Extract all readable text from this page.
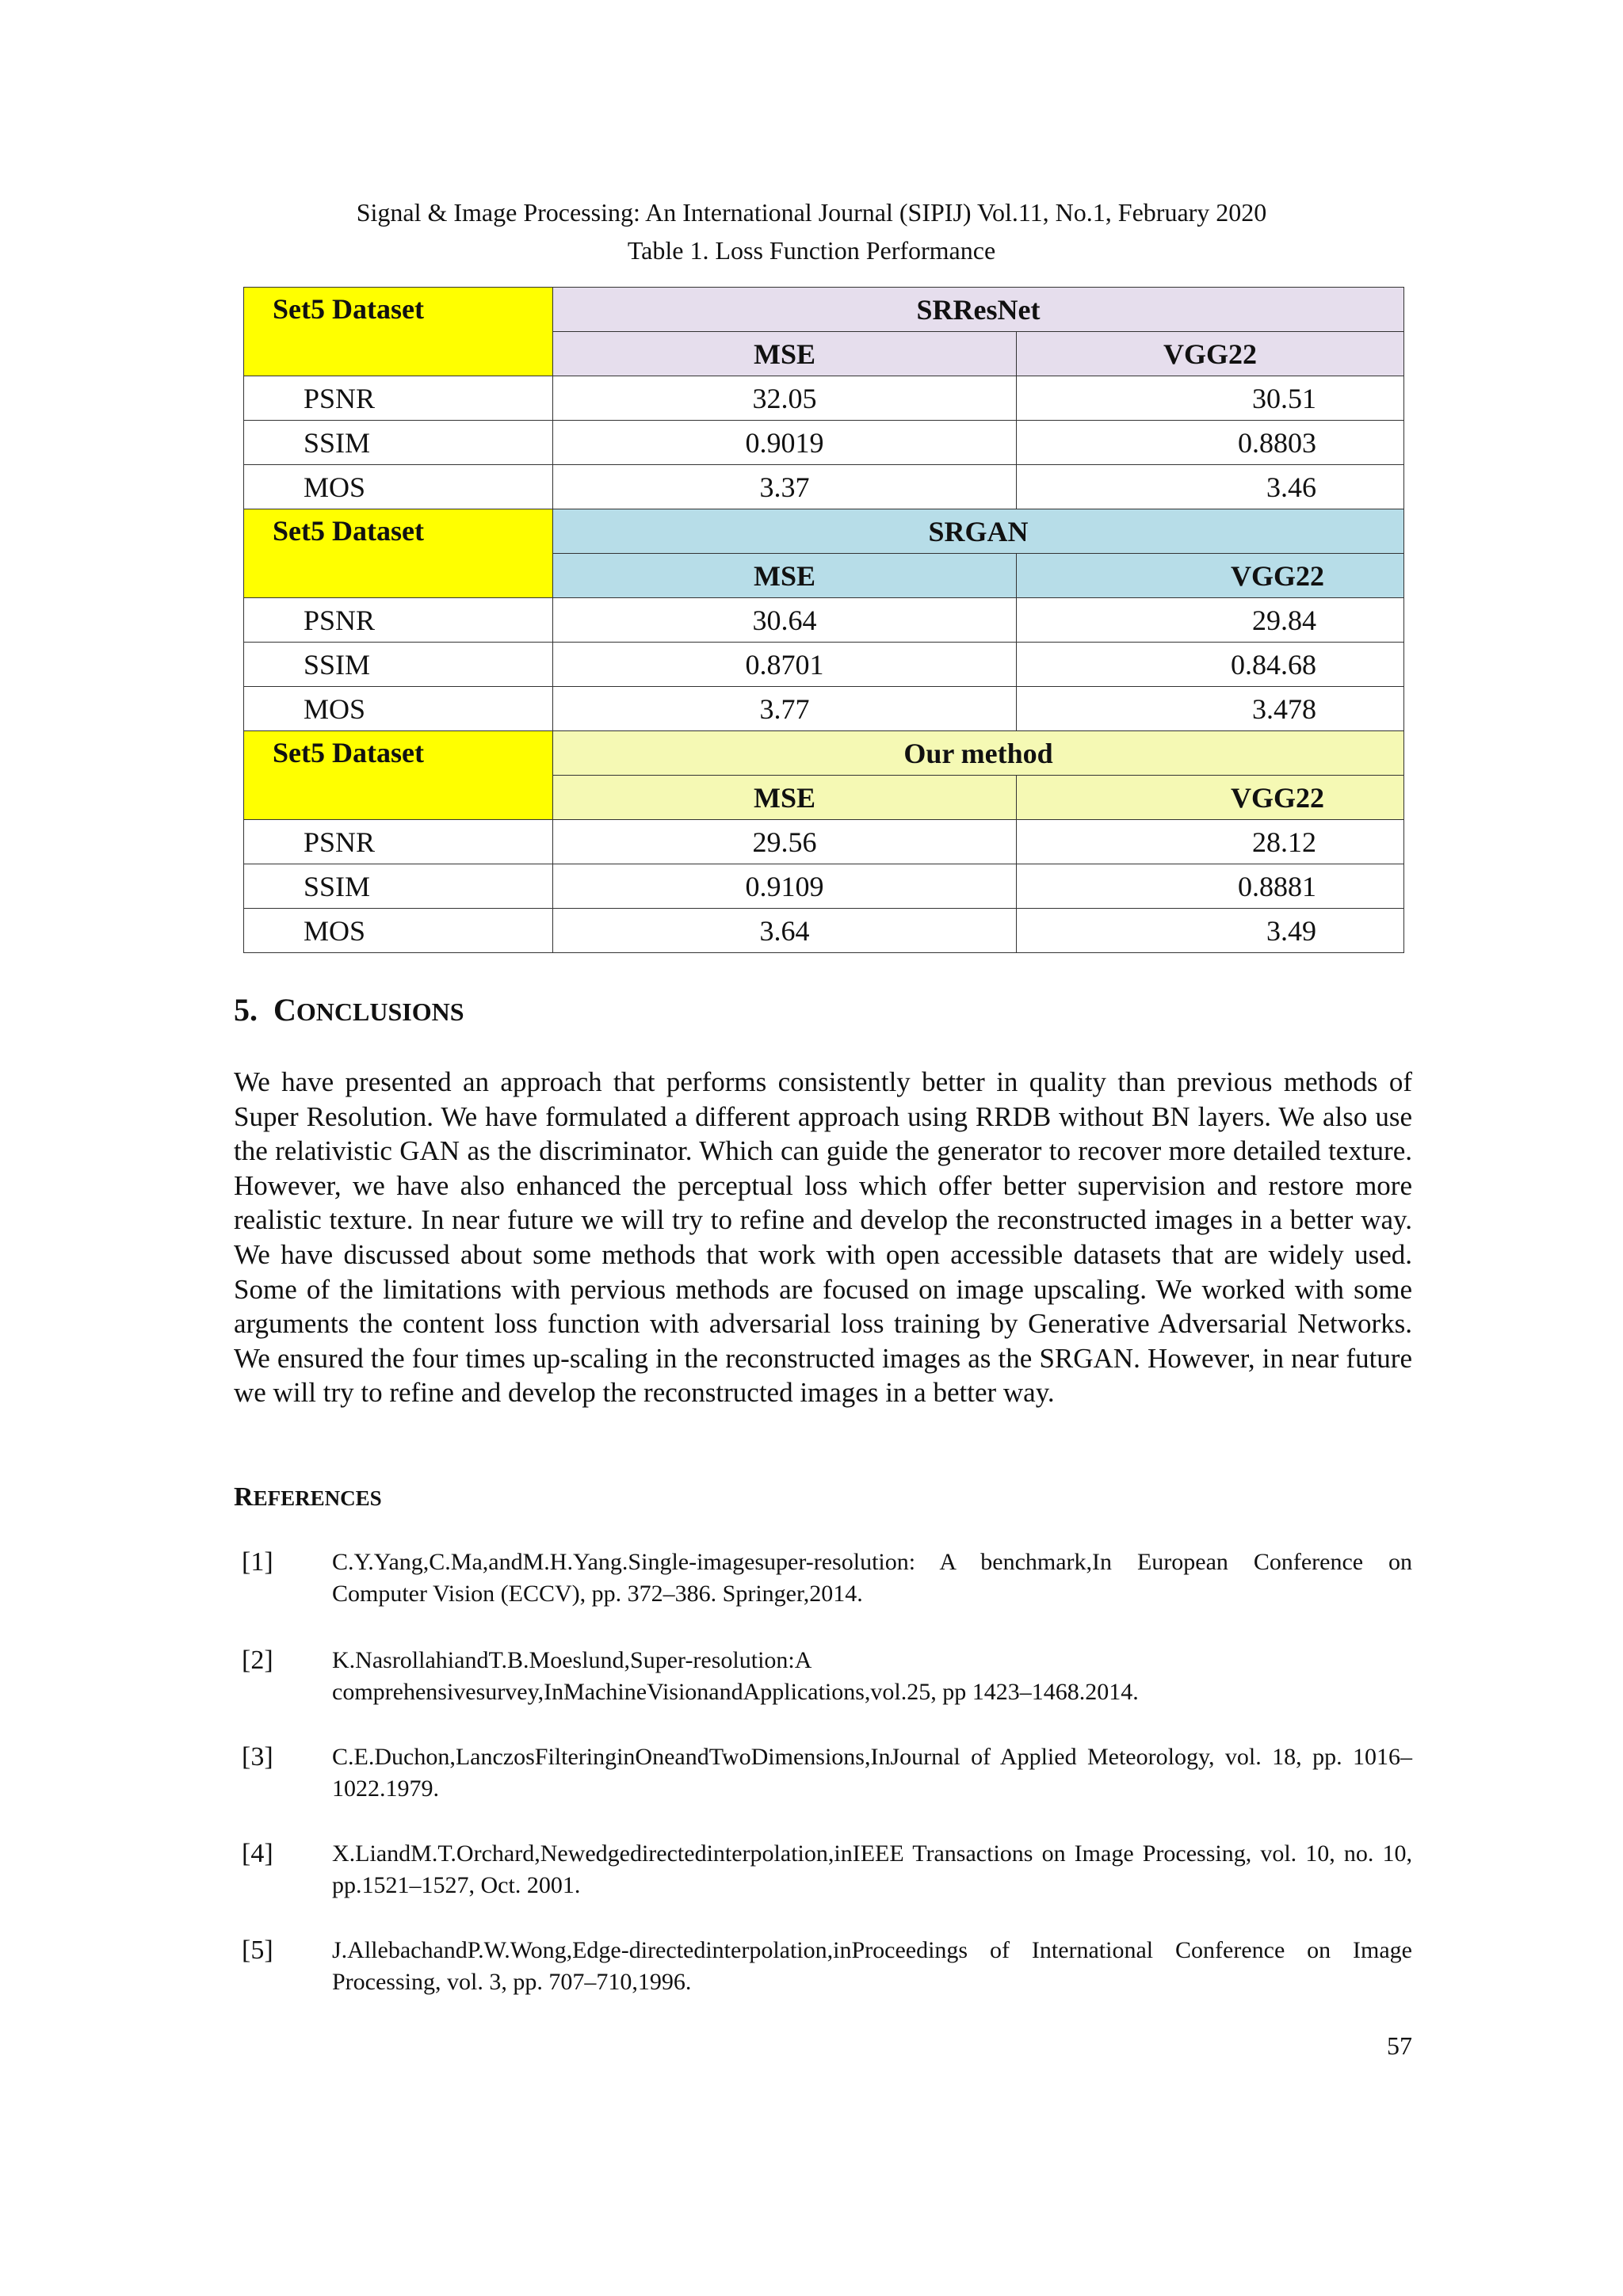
Signal & Image Processing: An International Journal (SIPIJ) Vol.11, No.1, February 2020
Table 1. Loss Function Performance
Set5 Dataset	SRResNet	
	MSE	VGG22
PSNR	32.05	30.51
SSIM	0.9019	0.8803
MOS	3.37	3.46
Set5 Dataset	SRGAN	
	MSE	VGG22
PSNR	30.64	29.84
SSIM	0.8701	0.84.68
MOS	3.77	3.478
Set5 Dataset	Our method	
	MSE	VGG22
PSNR	29.56	28.12
SSIM	0.9109	0.8881
MOS	3.64	3.49
5. CONCLUSIONS
We have presented an approach that performs consistently better in quality than previous methods of Super Resolution. We have formulated a different approach using RRDB without BN layers. We also use the relativistic GAN as the discriminator. Which can guide the generator to recover more detailed texture. However, we have also enhanced the perceptual loss which offer better supervision and restore more realistic texture. In near future we will try to refine and develop the reconstructed images in a better way. We have discussed about some methods that work with open accessible datasets that are widely used. Some of the limitations with pervious methods are focused on image upscaling. We worked with some arguments the content loss function with adversarial loss training by Generative Adversarial Networks. We ensured the four times up-scaling in the reconstructed images as the SRGAN. However, in near future we will try to refine and develop the reconstructed images in a better way.
REFERENCES
[1] C.Y.Yang,C.Ma,andM.H.Yang.Single-imagesuper-resolution: A benchmark,In European Conference on Computer Vision (ECCV), pp. 372–386. Springer,2014.
[2] K.NasrollahiandT.B.Moeslund,Super-resolution:A comprehensivesurvey,InMachineVisionandApplications,vol.25, pp 1423–1468.2014.
[3] C.E.Duchon,LanczosFilteringinOneandTwoDimensions,InJournal of Applied Meteorology, vol. 18, pp. 1016–1022.1979.
[4] X.LiandM.T.Orchard,Newedgedirectedinterpolation,inIEEE Transactions on Image Processing, vol. 10, no. 10, pp.1521–1527, Oct. 2001.
[5] J.AllebachandP.W.Wong,Edge-directedinterpolation,inProceedings of International Conference on Image Processing, vol. 3, pp. 707–710,1996.
57
